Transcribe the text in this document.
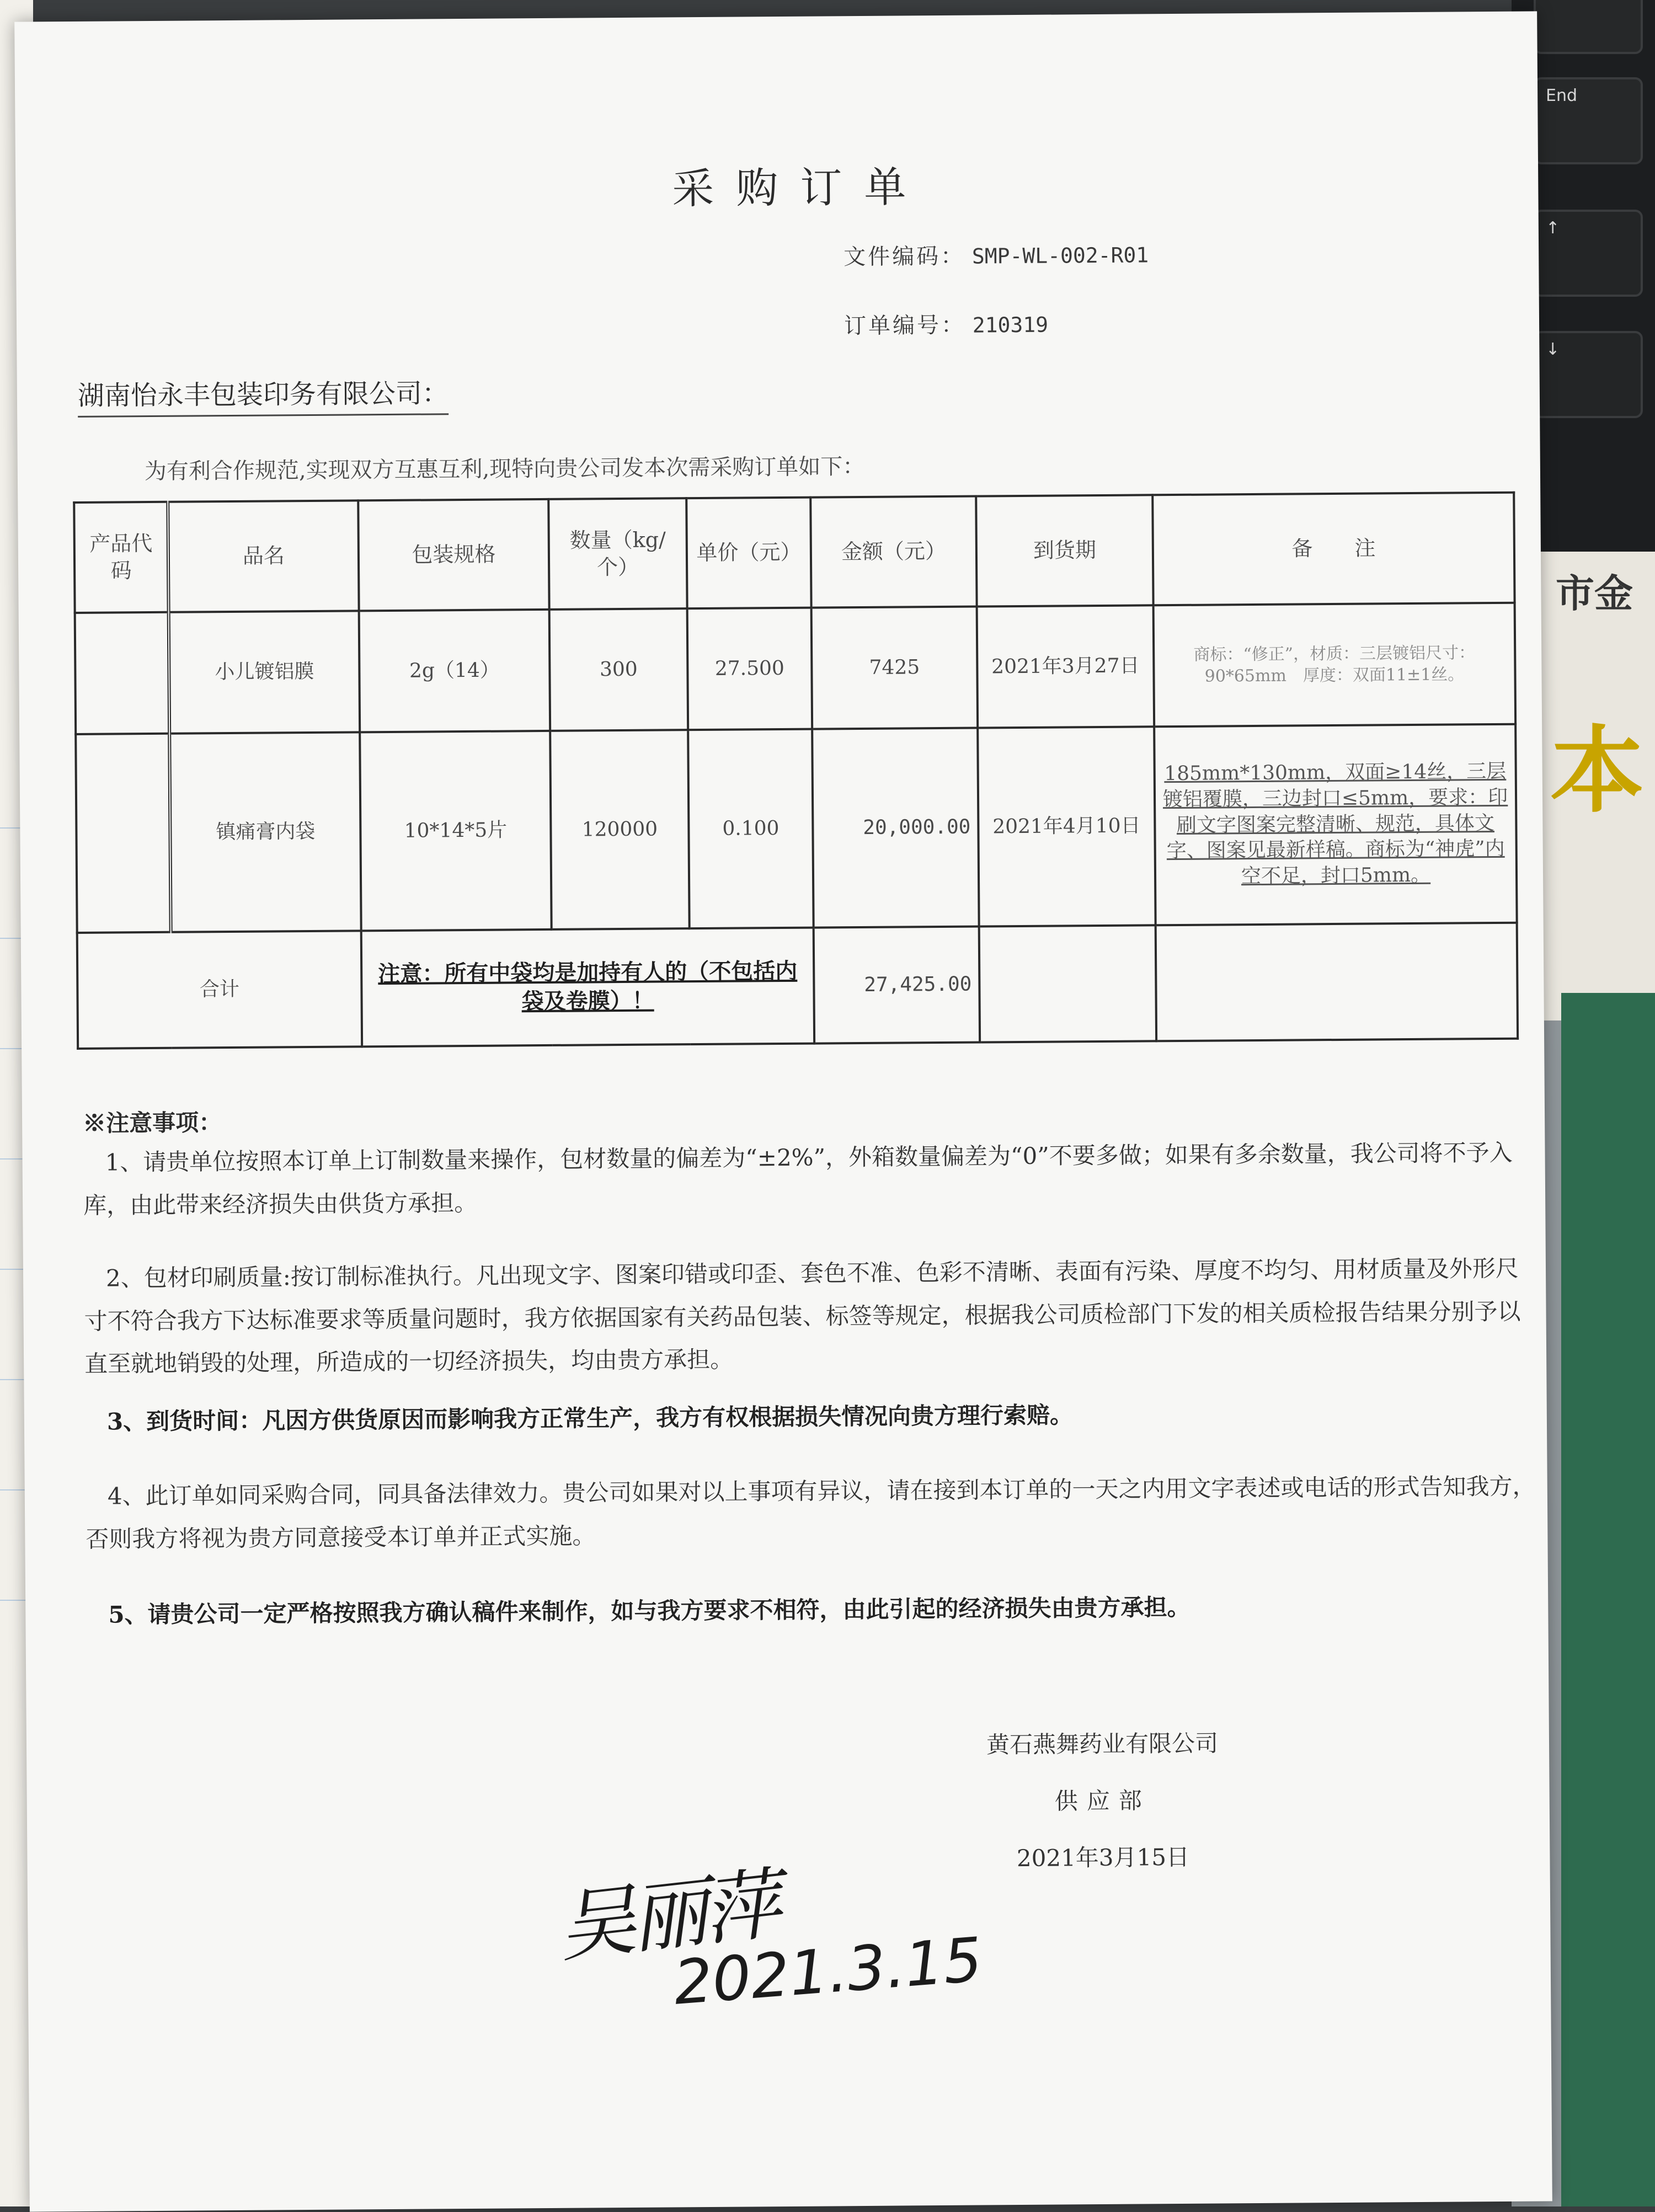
End
↑
↓
市金
本
采购订单
文件编码： SMP-WL-002-R01
订单编号： 210319
湖南怡永丰包装印务有限公司：
为有利合作规范,实现双方互惠互利,现特向贵公司发本次需采购订单如下：
产品代码	品名	包装规格	数量（kg/个）	单价（元）	金额（元）	到货期	备　　注
	小儿镀铝膜	2g（14）	300	27.500	7425	2021年3月27日	商标：“修正”，材质：三层镀铝尺寸：90*65mm　厚度：双面11±1丝。
	镇痛膏内袋	10*14*5片	120000	0.100	20,000.00	2021年4月10日	185mm*130mm，双面≥14丝，三层镀铝覆膜，三边封口≤5mm，要求：印刷文字图案完整清晰、规范，具体文字、图案见最新样稿。商标为“神虎”内空不足，封口5mm。
合计		注意：所有中袋均是加持有人的（不包括内袋及卷膜）！			27,425.00		
※注意事项：
1、请贵单位按照本订单上订制数量来操作，包材数量的偏差为“±2%”，外箱数量偏差为“0”不要多做；如果有多余数量，我公司将不予入库，由此带来经济损失由供货方承担。
2、包材印刷质量:按订制标准执行。凡出现文字、图案印错或印歪、套色不准、色彩不清晰、表面有污染、厚度不均匀、用材质量及外形尺寸不符合我方下达标准要求等质量问题时，我方依据国家有关药品包装、标签等规定，根据我公司质检部门下发的相关质检报告结果分别予以直至就地销毁的处理，所造成的一切经济损失，均由贵方承担。
3、到货时间：凡因方供货原因而影响我方正常生产，我方有权根据损失情况向贵方理行索赔。
4、此订单如同采购合同，同具备法律效力。贵公司如果对以上事项有异议，请在接到本订单的一天之内用文字表述或电话的形式告知我方，否则我方将视为贵方同意接受本订单并正式实施。
5、请贵公司一定严格按照我方确认稿件来制作，如与我方要求不相符，由此引起的经济损失由贵方承担。
黄石燕舞药业有限公司
供应部
2021年3月15日
吴丽萍
2021.3.15
